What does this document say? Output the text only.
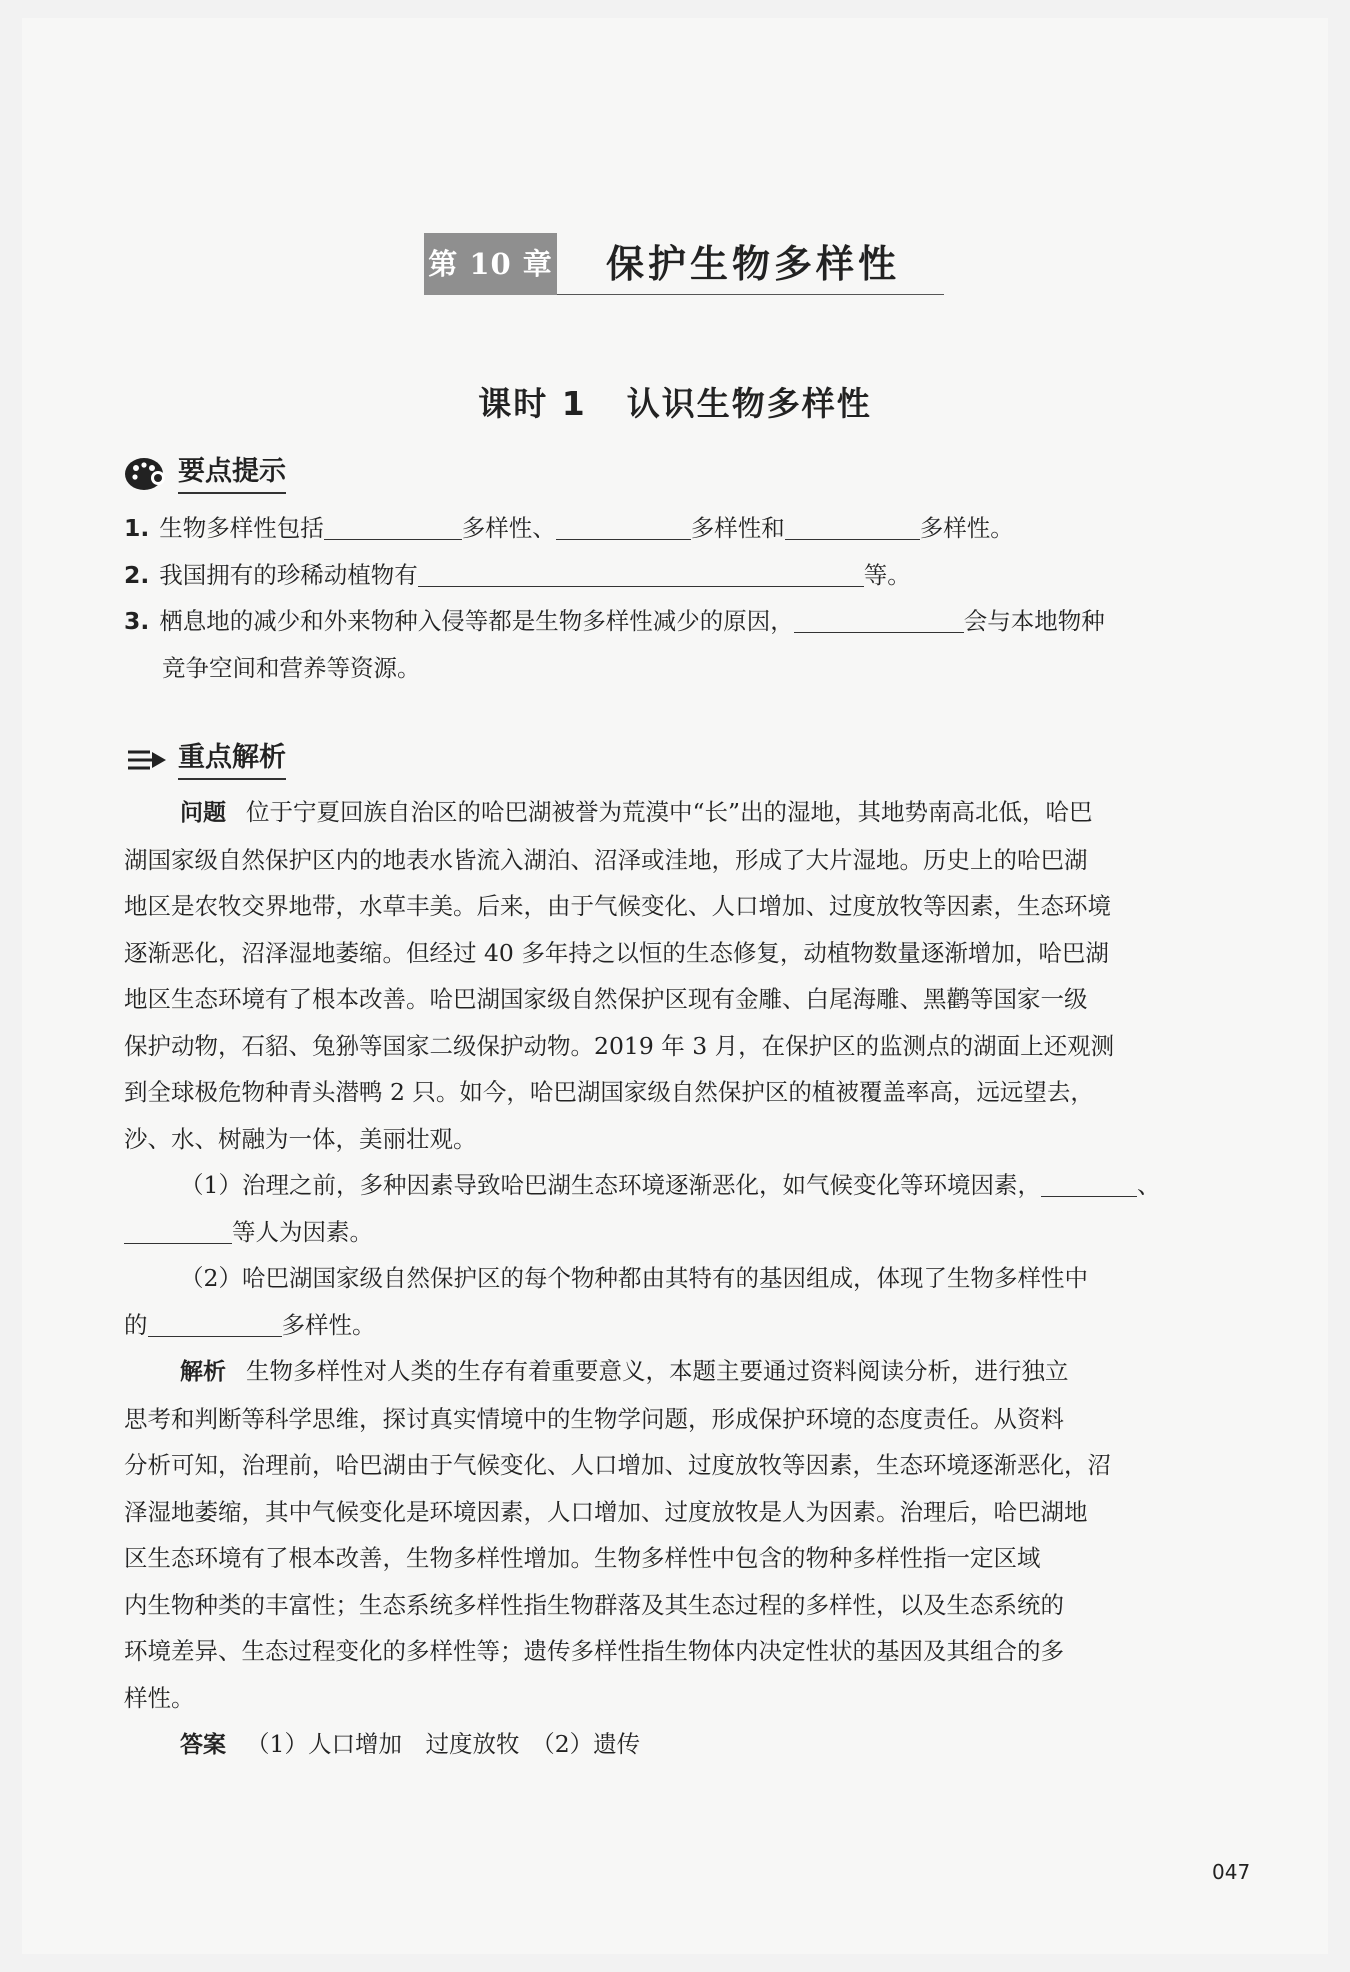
第 10 章 保护生物多样性
课时 1 认识生物多样性
要点提示
1. 生物多样性包括	多样性、	多样性和	多样性。
2. 我国拥有的珍稀动植物有	等。
3. 栖息地的减少和外来物种入侵等都是生物多样性减少的原因，	会与本地物种
竞争空间和营养等资源。
重点解析
问题 位于宁夏回族自治区的哈巴湖被誉为荒漠中“长”出的湿地，其地势南高北低，哈巴
湖国家级自然保护区内的地表水皆流入湖泊、沼泽或洼地，形成了大片湿地。历史上的哈巴湖
地区是农牧交界地带，水草丰美。后来，由于气候变化、人口增加、过度放牧等因素，生态环境
逐渐恶化，沼泽湿地萎缩。但经过 40 多年持之以恒的生态修复，动植物数量逐渐增加，哈巴湖
地区生态环境有了根本改善。哈巴湖国家级自然保护区现有金雕、白尾海雕、黑鹳等国家一级
保护动物，石貂、兔狲等国家二级保护动物。2019 年 3 月，在保护区的监测点的湖面上还观测
到全球极危物种青头潜鸭 2 只。如今，哈巴湖国家级自然保护区的植被覆盖率高，远远望去，
沙、水、树融为一体，美丽壮观。
（1）治理之前，多种因素导致哈巴湖生态环境逐渐恶化，如气候变化等环境因素，	、
等人为因素。
（2）哈巴湖国家级自然保护区的每个物种都由其特有的基因组成，体现了生物多样性中
的	多样性。
解析 生物多样性对人类的生存有着重要意义，本题主要通过资料阅读分析，进行独立
思考和判断等科学思维，探讨真实情境中的生物学问题，形成保护环境的态度责任。从资料
分析可知，治理前，哈巴湖由于气候变化、人口增加、过度放牧等因素，生态环境逐渐恶化，沼
泽湿地萎缩，其中气候变化是环境因素，人口增加、过度放牧是人为因素。治理后，哈巴湖地
区生态环境有了根本改善，生物多样性增加。生物多样性中包含的物种多样性指一定区域
内生物种类的丰富性；生态系统多样性指生物群落及其生态过程的多样性，以及生态系统的
环境差异、生态过程变化的多样性等；遗传多样性指生物体内决定性状的基因及其组合的多
样性。
答案 （1）人口增加　过度放牧　（2）遗传
047
